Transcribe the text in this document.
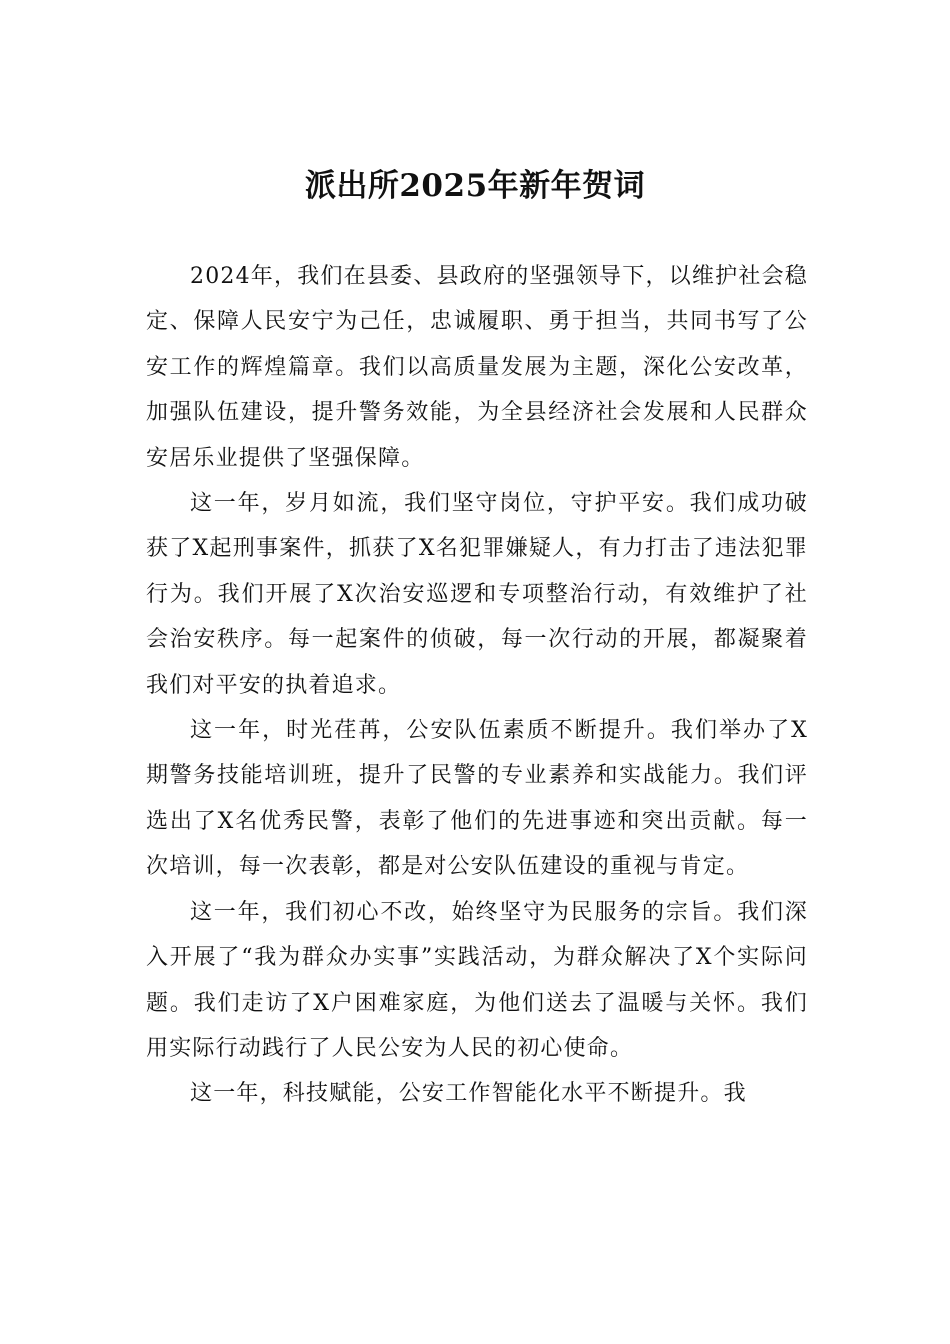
派出所2025年新年贺词

2024年，我们在县委、县政府的坚强领导下，以维护社会稳定、保障人民安宁为己任，忠诚履职、勇于担当，共同书写了公安工作的辉煌篇章。我们以高质量发展为主题，深化公安改革，加强队伍建设，提升警务效能，为全县经济社会发展和人民群众安居乐业提供了坚强保障。

这一年，岁月如流，我们坚守岗位，守护平安。我们成功破获了X起刑事案件，抓获了X名犯罪嫌疑人，有力打击了违法犯罪行为。我们开展了X次治安巡逻和专项整治行动，有效维护了社会治安秩序。每一起案件的侦破，每一次行动的开展，都凝聚着我们对平安的执着追求。

这一年，时光荏苒，公安队伍素质不断提升。我们举办了X期警务技能培训班，提升了民警的专业素养和实战能力。我们评选出了X名优秀民警，表彰了他们的先进事迹和突出贡献。每一次培训，每一次表彰，都是对公安队伍建设的重视与肯定。

这一年，我们初心不改，始终坚守为民服务的宗旨。我们深入开展了“我为群众办实事”实践活动，为群众解决了X个实际问题。我们走访了X户困难家庭，为他们送去了温暖与关怀。我们用实际行动践行了人民公安为人民的初心使命。

这一年，科技赋能，公安工作智能化水平不断提升。我
